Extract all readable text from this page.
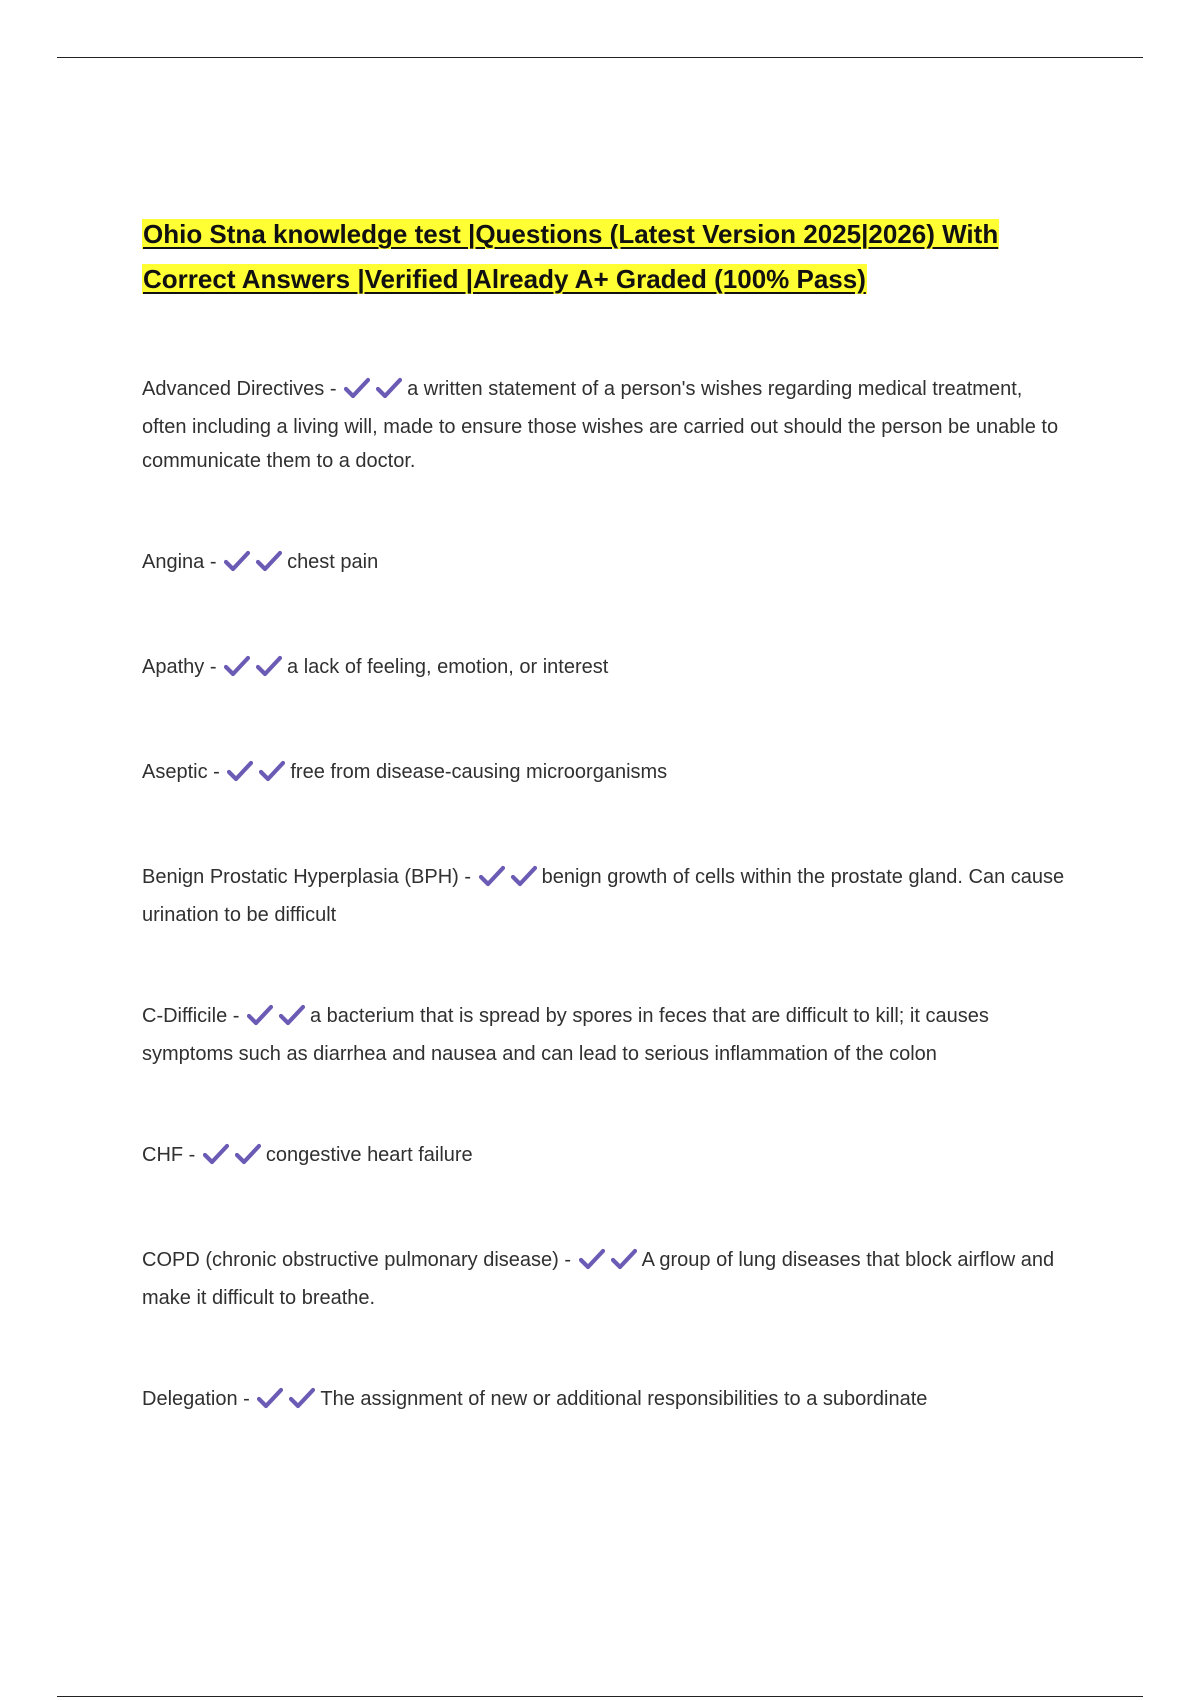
Ohio Stna knowledge test |Questions (Latest Version 2025|2026) With Correct Answers |Verified |Already A+ Graded (100% Pass)

Advanced Directives -	a written statement of a person's wishes regarding medical treatment, often including a living will, made to ensure those wishes are carried out should the person be unable to communicate them to a doctor.

Angina -	chest pain

Apathy -	a lack of feeling, emotion, or interest

Aseptic -	free from disease-causing microorganisms

Benign Prostatic Hyperplasia (BPH) -	benign growth of cells within the prostate gland. Can cause urination to be difficult

C-Difficile -	a bacterium that is spread by spores in feces that are difficult to kill; it causes symptoms such as diarrhea and nausea and can lead to serious inflammation of the colon

CHF -	congestive heart failure

COPD (chronic obstructive pulmonary disease) -	A group of lung diseases that block airflow and make it difficult to breathe.

Delegation -	The assignment of new or additional responsibilities to a subordinate
